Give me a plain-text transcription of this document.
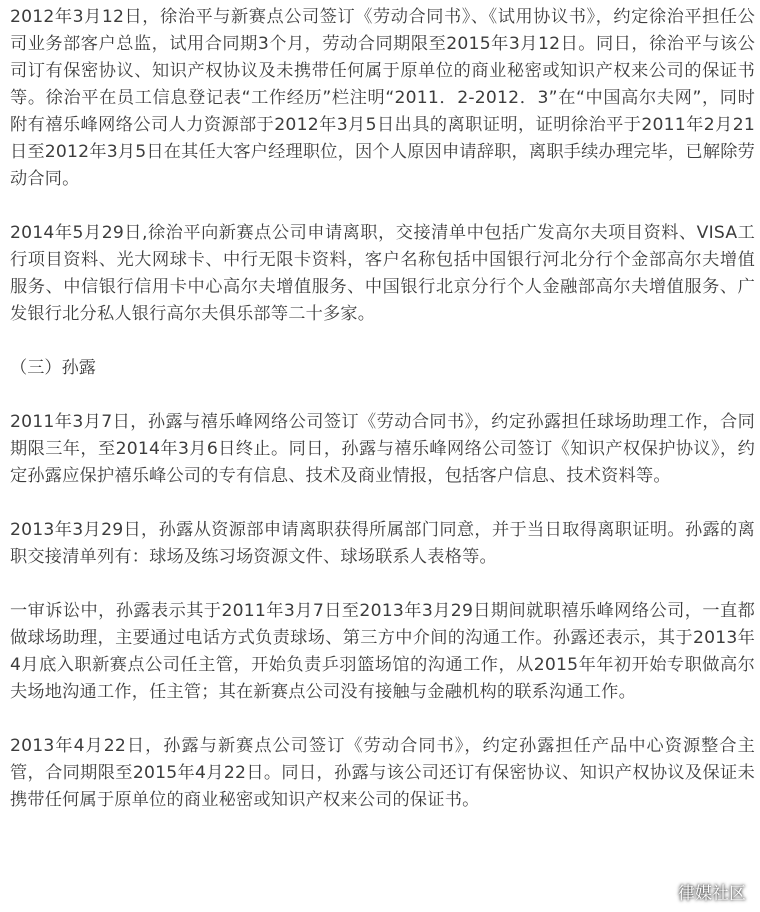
2012年3月12日，徐治平与新赛点公司签订《劳动合同书》、《试用协议书》，约定徐治平担任公司业务部客户总监，试用合同期3个月，劳动合同期限至2015年3月12日。同日，徐治平与该公司订有保密协议、知识产权协议及未携带任何属于原单位的商业秘密或知识产权来公司的保证书等。徐治平在员工信息登记表“工作经历”栏注明“2011．2-2012．3”在“中国高尔夫网”，同时附有禧乐峰网络公司人力资源部于2012年3月5日出具的离职证明，证明徐治平于2011年2月21日至2012年3月5日在其任大客户经理职位，因个人原因申请辞职，离职手续办理完毕，已解除劳动合同。

2014年5月29日,徐治平向新赛点公司申请离职，交接清单中包括广发高尔夫项目资料、VISA工行项目资料、光大网球卡、中行无限卡资料，客户名称包括中国银行河北分行个金部高尔夫增值服务、中信银行信用卡中心高尔夫增值服务、中国银行北京分行个人金融部高尔夫增值服务、广发银行北分私人银行高尔夫俱乐部等二十多家。

（三）孙露

2011年3月7日，孙露与禧乐峰网络公司签订《劳动合同书》，约定孙露担任球场助理工作，合同期限三年，至2014年3月6日终止。同日，孙露与禧乐峰网络公司签订《知识产权保护协议》，约定孙露应保护禧乐峰公司的专有信息、技术及商业情报，包括客户信息、技术资料等。

2013年3月29日，孙露从资源部申请离职获得所属部门同意，并于当日取得离职证明。孙露的离职交接清单列有：球场及练习场资源文件、球场联系人表格等。

一审诉讼中，孙露表示其于2011年3月7日至2013年3月29日期间就职禧乐峰网络公司，一直都做球场助理，主要通过电话方式负责球场、第三方中介间的沟通工作。孙露还表示，其于2013年4月底入职新赛点公司任主管，开始负责乒羽篮场馆的沟通工作，从2015年年初开始专职做高尔夫场地沟通工作，任主管；其在新赛点公司没有接触与金融机构的联系沟通工作。

2013年4月22日，孙露与新赛点公司签订《劳动合同书》，约定孙露担任产品中心资源整合主管，合同期限至2015年4月22日。同日，孙露与该公司还订有保密协议、知识产权协议及保证未携带任何属于原单位的商业秘密或知识产权来公司的保证书。

律媒社区
